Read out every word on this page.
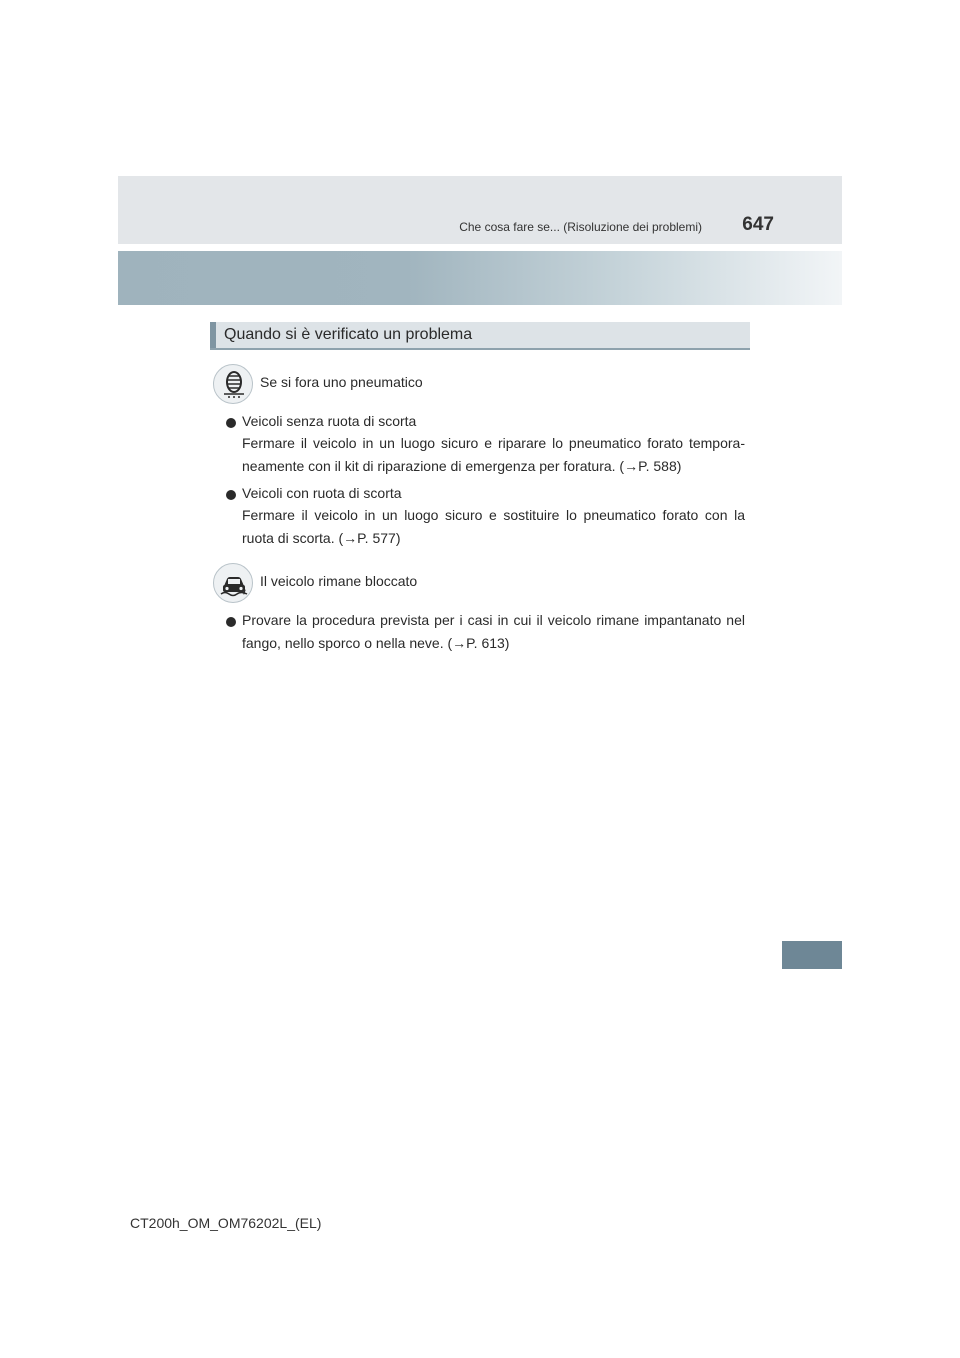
Che cosa fare se... (Risoluzione dei problemi) 647
Quando si è verificato un problema
Se si fora uno pneumatico
Veicoli senza ruota di scorta
Fermare il veicolo in un luogo sicuro e riparare lo pneumatico forato tempora- neamente con il kit di riparazione di emergenza per foratura. (→P. 588)
Veicoli con ruota di scorta
Fermare il veicolo in un luogo sicuro e sostituire lo pneumatico forato con la ruota di scorta. (→P. 577)
Il veicolo rimane bloccato
Provare la procedura prevista per i casi in cui il veicolo rimane impantanato nel fango, nello sporco o nella neve. (→P. 613)
CT200h_OM_OM76202L_(EL)
